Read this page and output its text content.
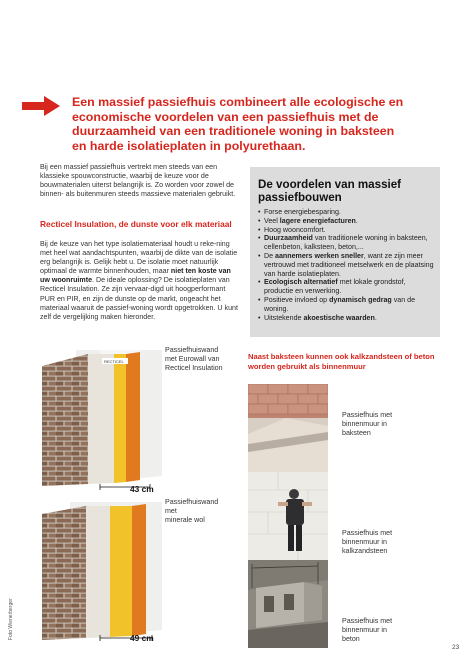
Een massief passiefhuis combineert alle ecologische en economische voordelen van een passiefhuis met de duurzaamheid van een traditionele woning in baksteen en harde isolatieplaten in polyurethaan.

Bij een massief passiefhuis vertrekt men steeds van een klassieke spouwconstructie, waarbij de keuze voor de bouwmaterialen uiterst belangrijk is. Zo worden voor zowel de binnen- als buitenmuren steeds massieve materialen gebruikt.

Recticel Insulation, de dunste voor elk materiaal

Bij de keuze van het type isolatiemateriaal houdt u reke-ning met heel wat aandachtspunten, waarbij de dikte van de isolatie erg belangrijk is. Gelijk hebt u. De isolatie moet natuurlijk optimaal de warmte binnenhouden, maar niet ten koste van uw woonruimte. De ideale oplossing? De isolatieplaten van Recticel Insulation. Ze zijn vervaar-digd uit hoogperformant PUR en PIR, en zijn de dunste op de markt, ongeacht het materiaal waaruit de passief-woning wordt opgetrokken. U kunt zelf de vergelijking maken hieronder.

De voordelen van massief passiefbouwen

• Forse energiebesparing.
• Veel lagere energiefacturen.
• Hoog wooncomfort.
• Duurzaamheid van traditionele woning in baksteen, cellenbeton, kalksteen, beton,...
• De aannemers werken sneller, want ze zijn meer vertrouwd met traditioneel metselwerk en de plaatsing van harde isolatieplaten.
• Ecologisch alternatief met lokale grondstof, productie en verwerking.
• Positieve invloed op dynamisch gedrag van de woning.
• Uitstekende akoestische waarden.
RECTICEL
43 cm

Passiefhuiswand
met Eurowall van
Recticel Insulation

49 cm

Passiefhuiswand
met
minerale wol

Naast baksteen kunnen ook kalkzandsteen of beton worden gebruikt als binnenmuur

Passiefhuis met
binnenmuur in
baksteen

Passiefhuis met
binnenmuur in
kalkzandsteen

Passiefhuis met
binnenmuur in
beton

Foto Wienerberger
23
